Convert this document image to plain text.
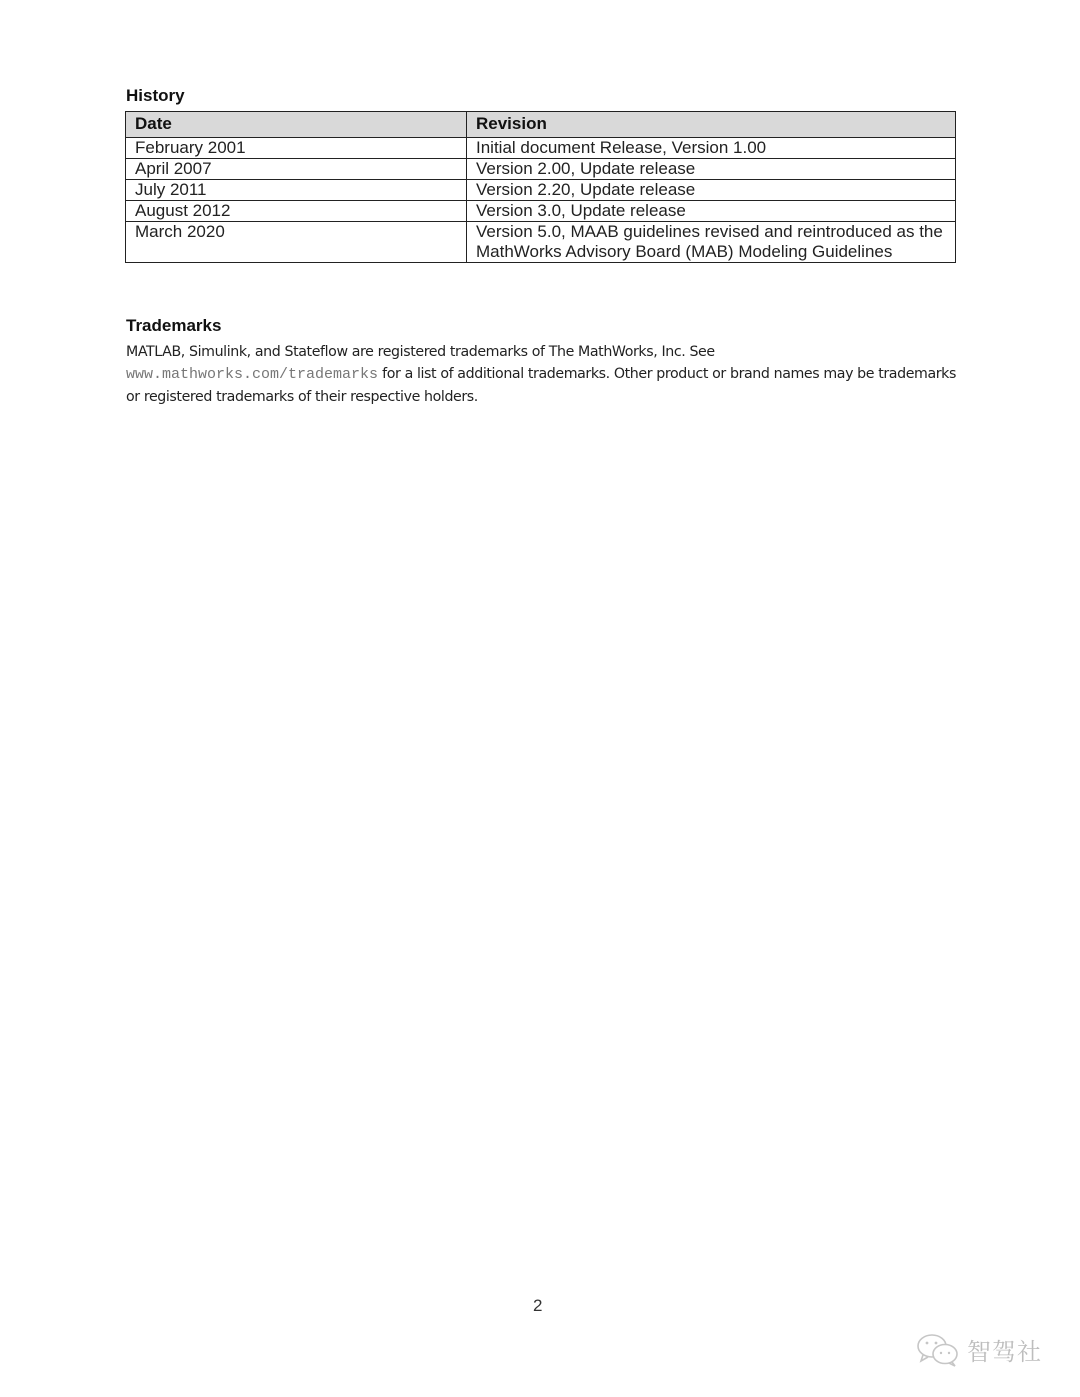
History
Date	Revision
February 2001	Initial document Release, Version 1.00
April 2007	Version 2.00, Update release
July 2011	Version 2.20, Update release
August 2012	Version 3.0, Update release
March 2020	Version 5.0, MAAB guidelines revised and reintroduced as the MathWorks Advisory Board (MAB) Modeling Guidelines
Trademarks
MATLAB, Simulink, and Stateflow are registered trademarks of The MathWorks, Inc. See
www.mathworks.com/trademarks for a list of additional trademarks. Other product or brand names may be trademarks or registered trademarks of their respective holders.
2
智驾社
